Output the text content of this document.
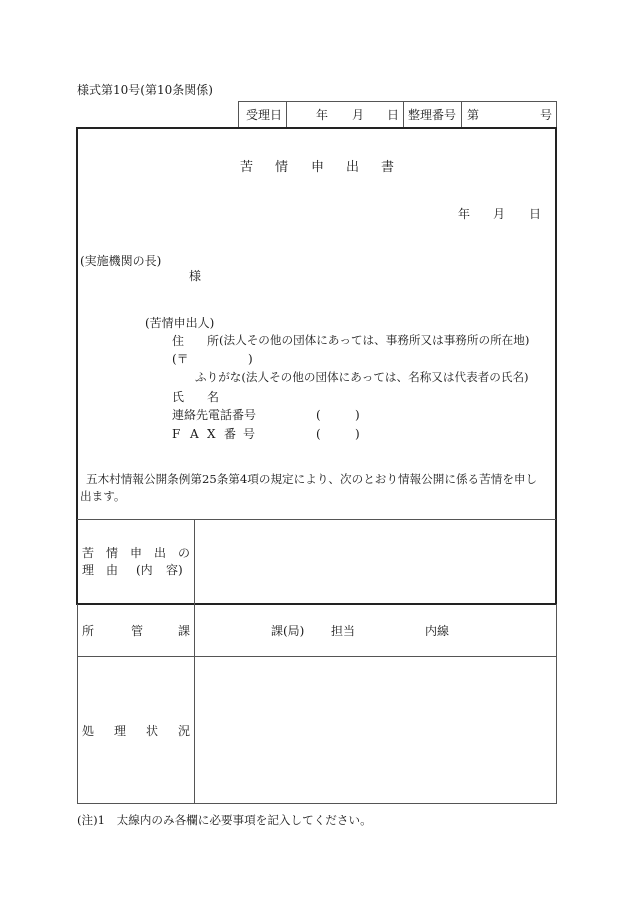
様式第10号(第10条関係)
受理日	年 月 日 整理番号 第	号
苦 情 申 出 書
年 月 日
(実施機関の長)
様
(苦情申出人)
住 所 (法人その他の団体にあっては、事務所又は事務所の所在地)
(〒	)
ふりがな(法人その他の団体にあっては、名称又は代表者の氏名)
氏 名
連絡先電話番号	(	)
F A X 番 号	(	)
五木村情報公開条例第25条第4項の規定により、次のとおり情報公開に係る苦情を申し
出ます。
苦 情 申 出 の
理 由 (内 容)
所	管	課	課(局) 担当	内線
処 理 状 況
(注)1　太線内のみ各欄に必要事項を記入してください。
